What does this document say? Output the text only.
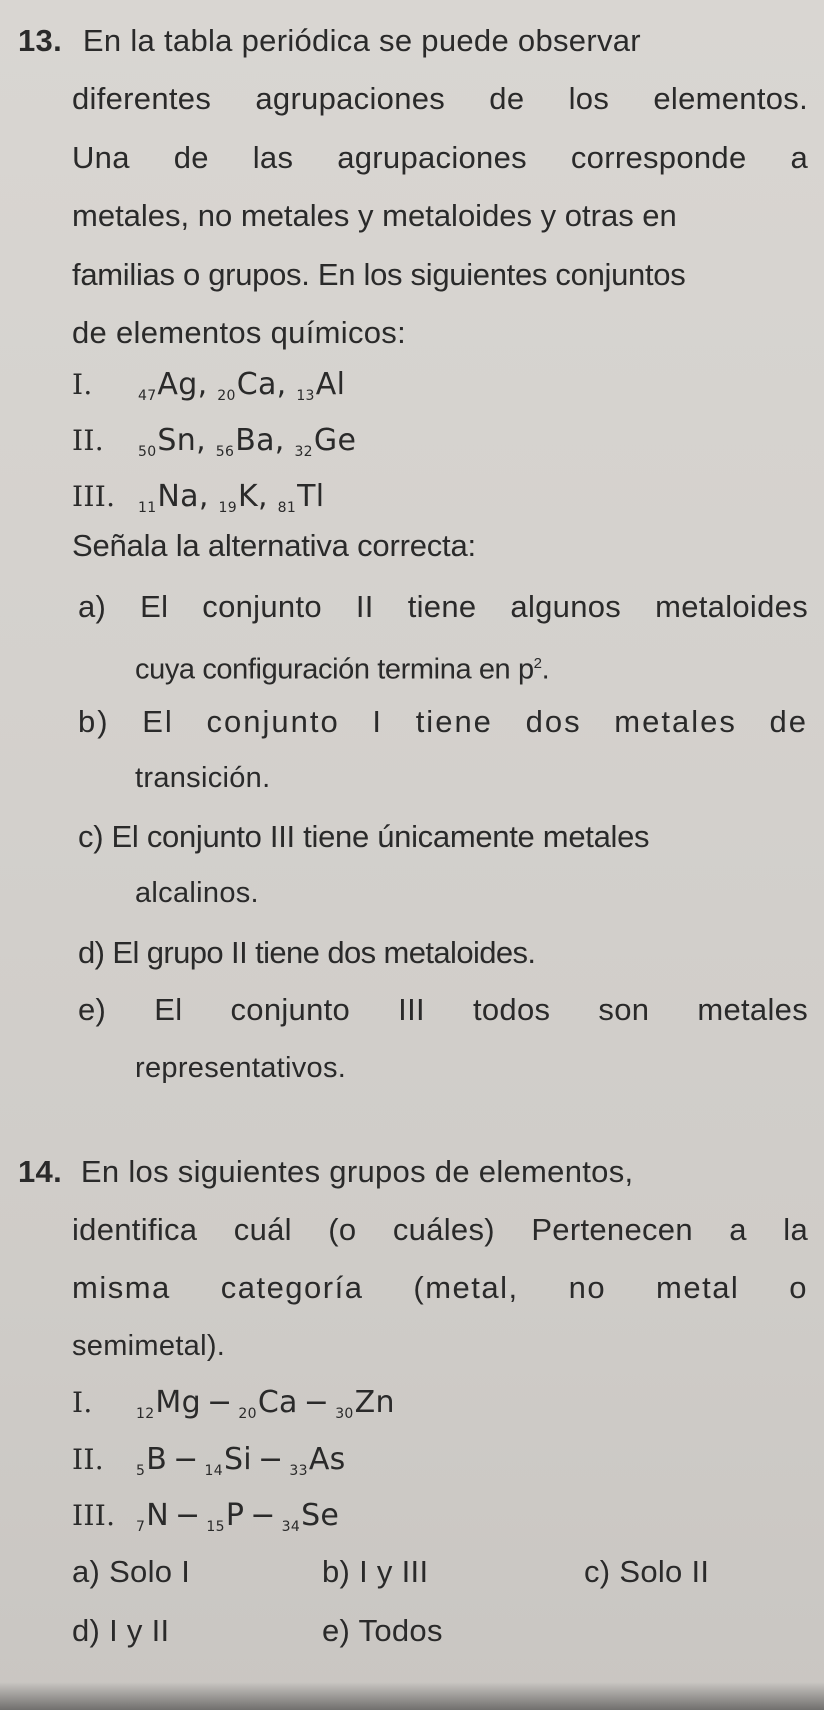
13. En la tabla periódica se puede observar
diferentes agrupaciones de los elementos.
Una de las agrupaciones corresponde a
metales, no metales y metaloides y otras en
familias o grupos. En los siguientes conjuntos
de elementos químicos:
I.	$_{47}$Ag, $_{20}$Ca, $_{13}$Al
II. $_{50}$Sn, $_{56}$Ba, $_{32}$Ge
III. $_{11}$Na, $_{19}$K, $_{81}$Tl
Señala la alternativa correcta:
a) El conjunto II tiene algunos metaloides
cuya configuración termina en $p^2$.
b) El conjunto I tiene dos metales de
transición.
c) El conjunto III tiene únicamente metales
alcalinos.
d) El grupo II tiene dos metaloides.
e) El conjunto III todos son metales
representativos.
14. En los siguientes grupos de elementos,
identifica cuál (o cuáles) Pertenecen a la
misma categoría (metal, no metal o
semimetal).
I.	$_{12}$Mg − $_{20}$Ca − $_{30}$Zn
II. $_5$B − $_{14}$Si − $_{33}$As
III. $_7$N − $_{15}$P − $_{34}$Se
a) Solo I	b) I y III	c) Solo II
d) I y II	e) Todos
